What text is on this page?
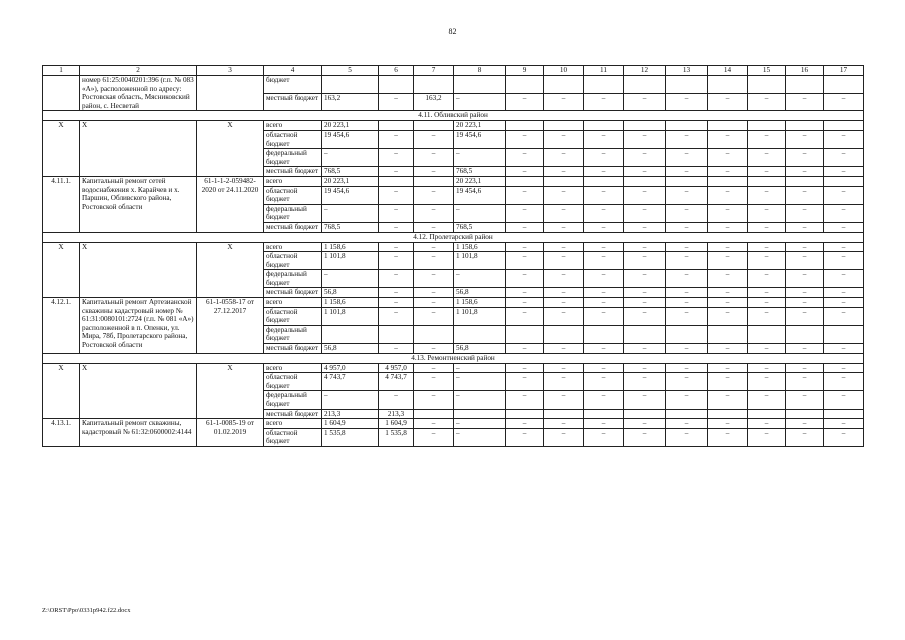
82
1	2	3	4	5	6	7	8	9	10	11	12	13	14	15	16	17
	номер 61:25:0040201:396 (г.п. № 083 «А»), расположенной по адресу: Ростовская область, Мясниковский район, с. Несветай		бюджет													
			местный бюджет	163,2	–	163,2	–	–	–	–	–	–	–	–	–	–
4.11. Обливский район																
Х	Х	Х	всего	20 223,1			20 223,1									
			областной бюджет	19 454,6	–	–	19 454,6	–	–	–	–	–	–	–	–	–
			федеральный бюджет	–	–	–	–	–	–	–	–	–	–	–	–	–
			местный бюджет	768,5	–	–	768,5	–	–	–	–	–	–	–	–	–
4.11.1.	Капитальный ремонт сетей водоснабжения х. Карайчев и х. Паршин, Обливского района, Ростовской области	61-1-1-2-059482-2020 от 24.11.2020	всего	20 223,1			20 223,1									
			областной бюджет	19 454,6	–	–	19 454,6	–	–	–	–	–	–	–	–	–
			федеральный бюджет	–	–	–	–	–	–	–	–	–	–	–	–	–
			местный бюджет	768,5	–	–	768,5	–	–	–	–	–	–	–	–	–
4.12. Пролетарский район																
Х	Х	Х	всего	1 158,6	–	–	1 158,6	–	–	–	–	–	–	–	–	–
			областной бюджет	1 101,8	–	–	1 101,8	–	–	–	–	–	–	–	–	–
			федеральный бюджет	–	–	–	–	–	–	–	–	–	–	–	–	–
			местный бюджет	56,8	–	–	56,8	–	–	–	–	–	–	–	–	–
4.12.1.	Капитальный ремонт Артезианской скважины кадастровый номер № 61:31:0080101:2724 (г.п. № 081 «А») расположенной в п. Опенки, ул. Мира, 78б, Пролетарского района, Ростовской области	61-1-0558-17 от 27.12.2017	всего	1 158,6	–	–	1 158,6	–	–	–	–	–	–	–	–	–
			областной бюджет	1 101,8	–	–	1 101,8	–	–	–	–	–	–	–	–	–
			федеральный бюджет													
			местный бюджет	56,8	–	–	56,8	–	–	–	–	–	–	–	–	–
4.13. Ремонтненский район																
Х	Х	Х	всего	4 957,0	4 957,0	–	–	–	–	–	–	–	–	–	–	–
			областной бюджет	4 743,7	4 743,7	–	–	–	–	–	–	–	–	–	–	–
			федеральный бюджет	–	–	–	–	–	–	–	–	–	–	–	–	–
			местный бюджет	213,3	213,3											
4.13.1.	Капитальный ремонт скважины, кадастровый № 61:32:0600002:4144	61-1-0085-19 от 01.02.2019	всего	1 604,9	1 604,9	–	–	–	–	–	–	–	–	–	–	–
			областной бюджет	1 535,8	1 535,8	–	–	–	–	–	–	–	–	–	–	–
Z:\ORST\Ppo\0331p942.f22.docx
